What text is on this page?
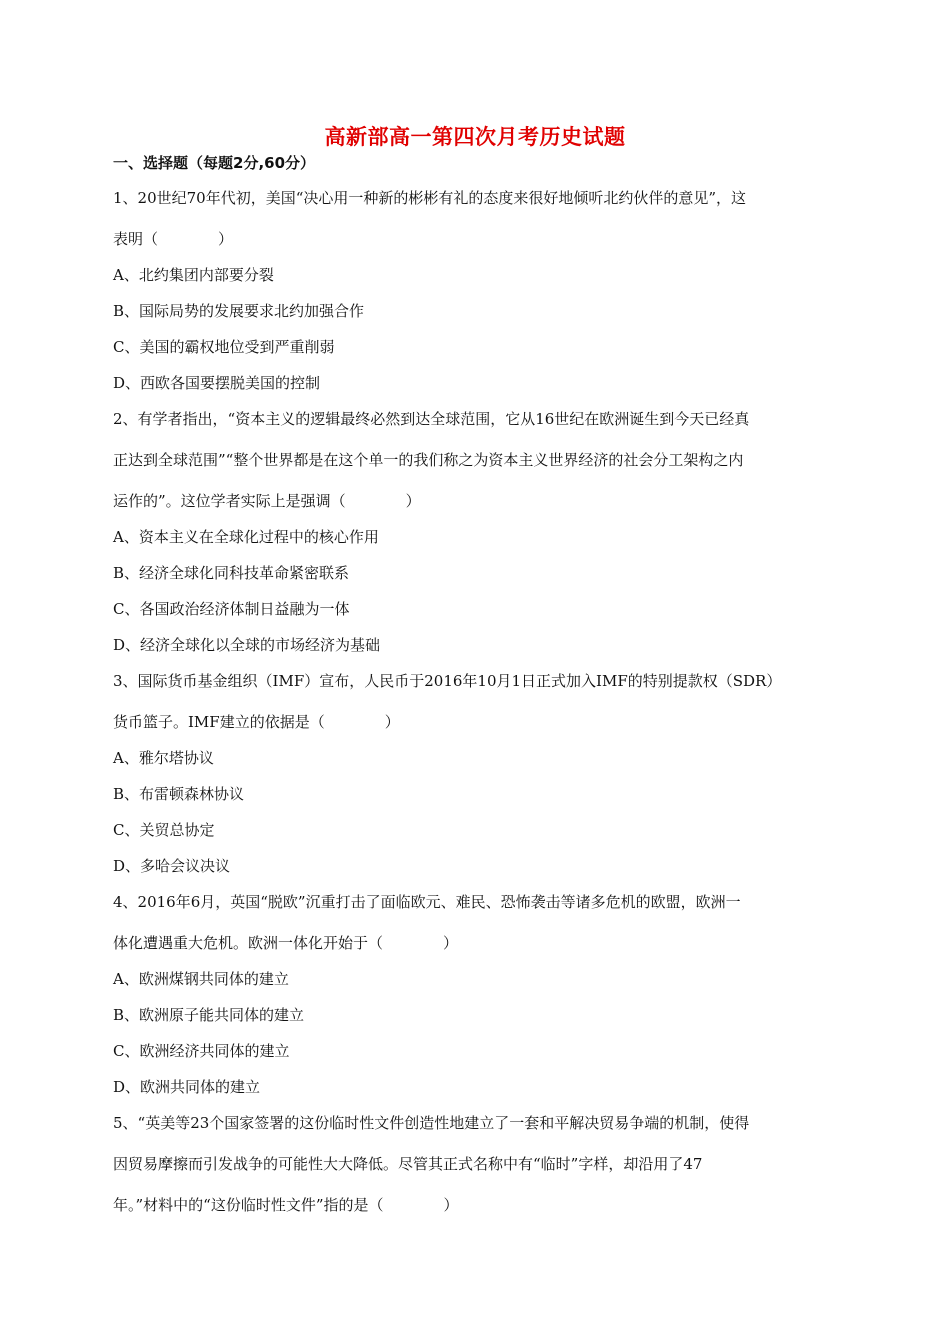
高新部高一第四次月考历史试题
一、选择题（每题2分,60分）
1、20世纪70年代初，美国“决心用一种新的彬彬有礼的态度来很好地倾听北约伙伴的意见”，这
表明（　　　　）
A、北约集团内部要分裂
B、国际局势的发展要求北约加强合作
C、美国的霸权地位受到严重削弱
D、西欧各国要摆脱美国的控制
2、有学者指出，“资本主义的逻辑最终必然到达全球范围，它从16世纪在欧洲诞生到今天已经真
正达到全球范围”“整个世界都是在这个单一的我们称之为资本主义世界经济的社会分工架构之内
运作的”。这位学者实际上是强调（　　　　）
A、资本主义在全球化过程中的核心作用
B、经济全球化同科技革命紧密联系
C、各国政治经济体制日益融为一体
D、经济全球化以全球的市场经济为基础
3、国际货币基金组织（IMF）宣布，人民币于2016年10月1日正式加入IMF的特别提款权（SDR）
货币篮子。IMF建立的依据是（　　　　）
A、雅尔塔协议
B、布雷顿森林协议
C、关贸总协定
D、多哈会议决议
4、2016年6月，英国“脱欧”沉重打击了面临欧元、难民、恐怖袭击等诸多危机的欧盟，欧洲一
体化遭遇重大危机。欧洲一体化开始于（　　　　）
A、欧洲煤钢共同体的建立
B、欧洲原子能共同体的建立
C、欧洲经济共同体的建立
D、欧洲共同体的建立
5、“英美等23个国家签署的这份临时性文件创造性地建立了一套和平解决贸易争端的机制，使得
因贸易摩擦而引发战争的可能性大大降低。尽管其正式名称中有“临时”字样，却沿用了47
年。”材料中的“这份临时性文件”指的是（　　　　）
